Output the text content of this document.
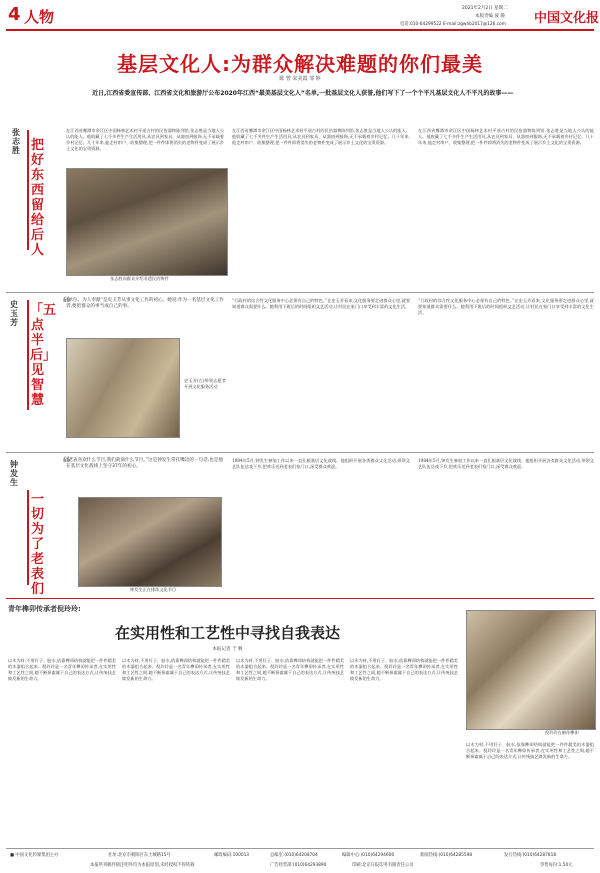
4 人物	2021年2月2日 星期二
本版责编 彼 静
电话:010-64299522 E-mail:zgwhb2017@126.com 中国文化报
基层文化人:为群众解决难题的你们最美
陈 曾 宋美霞 邹 婷
近日,江西省委宣传部、江西省文化和旅游厅公布2020年江西“最美基层文化人”名单,一批基层文化人获誉,他们写下了一个个平凡基层文化人不平凡的故事——
张志胜 把好东西留给后人
在江西省鹰潭市余江区中国杨林艺术村平遥古村的民俗器物陈列馆,张志胜是当地人公认的能人。他收藏了七千多件生产生活用具,从农具到家具、从器皿到服饰,无不承载着乡村记忆。几十年来,他走村串户、收集整理,把一件件即将消失的老物件变成了展示乡土文化的宝贵资源。
张志胜向群众介绍非遗民俗物件
在江西省鹰潭市余江区中国杨林艺术村平遥古村的民俗器物陈列馆,张志胜是当地人公认的能人。他收藏了七千多件生产生活用具,从农具到家具、从器皿到服饰,无不承载着乡村记忆。几十年来,他走村串户、收集整理,把一件件即将消失的老物件变成了展示乡土文化的宝贵资源。
在江西省鹰潭市余江区中国杨林艺术村平遥古村的民俗器物陈列馆,张志胜是当地人公认的能人。他收藏了七千多件生产生活用具,从农具到家具、从器皿到服饰,无不承载着乡村记忆。几十年来,他走村串户、收集整理,把一件件即将消失的老物件变成了展示乡土文化的宝贵资源。
史玉芳
「五点半后」见智慧
❝
“单位、为人奉献”是史玉芳从事文化工作的初心。她说:作为一名基层文化工作者,要把群众的事当成自己的事。
史玉芳(右)带领志愿者开展文化服务活动
“行政村的综合性文化服务中心必须有自己的特色。”在史玉芳看来,文化服务要走进群众心里,就要知道群众需要什么。她利用下班后的时间组织文艺活动,让村民在家门口享受到丰富的文化生活。
“行政村的综合性文化服务中心必须有自己的特色。”在史玉芳看来,文化服务要走进群众心里,就要知道群众需要什么。她利用下班后的时间组织文艺活动,让村民在家门口享受到丰富的文化生活。
钟发生
一切为了老表们
❝
“老表喜欢什么节目,我们就演什么节目。”这是钟发生常挂嘴边的一句话,也是他在基层文化战线上坚守37年的初心。
钟发生正在排练文化节目
1984年5月,钟发生参加工作以来一直扎根基层文化战线。他组织开展各类群众文化活动,带领文艺队伍送戏下乡,把欢乐送到老表们家门口,深受群众欢迎。
1984年5月,钟发生参加工作以来一直扎根基层文化战线。他组织开展各类群众文化活动,带领文艺队伍送戏下乡,把欢乐送到老表们家门口,深受群众欢迎。
青年榫卯传承者倪玲玲:
在实用性和工艺性中寻找自我表达
本报记者 于 帆
以木为材,不用钉子、胶水,依靠榫卯结构就能把一件件精美的木器组合起来。倪玲玲是一名青年榫卯传承者,在实用性和工艺性之间,她不断探索属于自己的表达方式,让传统技艺焕发新的生命力。
以木为材,不用钉子、胶水,依靠榫卯结构就能把一件件精美的木器组合起来。倪玲玲是一名青年榫卯传承者,在实用性和工艺性之间,她不断探索属于自己的表达方式,让传统技艺焕发新的生命力。
以木为材,不用钉子、胶水,依靠榫卯结构就能把一件件精美的木器组合起来。倪玲玲是一名青年榫卯传承者,在实用性和工艺性之间,她不断探索属于自己的表达方式,让传统技艺焕发新的生命力。
以木为材,不用钉子、胶水,依靠榫卯结构就能把一件件精美的木器组合起来。倪玲玲是一名青年榫卯传承者,在实用性和工艺性之间,她不断探索属于自己的表达方式,让传统技艺焕发新的生命力。
倪玲玲在制作榫卯
以木为材,不用钉子、胶水,依靠榫卯结构就能把一件件精美的木器组合起来。倪玲玲是一名青年榫卯传承者,在实用性和工艺性之间,她不断探索属于自己的表达方式,让传统技艺焕发新的生命力。
■ 中国文化传媒集团主办	社址:北京市朝阳区东土城路15号	邮政编码:100013	总编室:(010)64208704	编辑中心:(010)64294606	新闻热线:(010)64285598	发行热线:(010)64287818
本报所刊稿件除注明外均为本报原创,未经授权不得转载	广告经营部:(010)64293890	印刷:北京日报印务有限责任公司	零售每份:1.50元
